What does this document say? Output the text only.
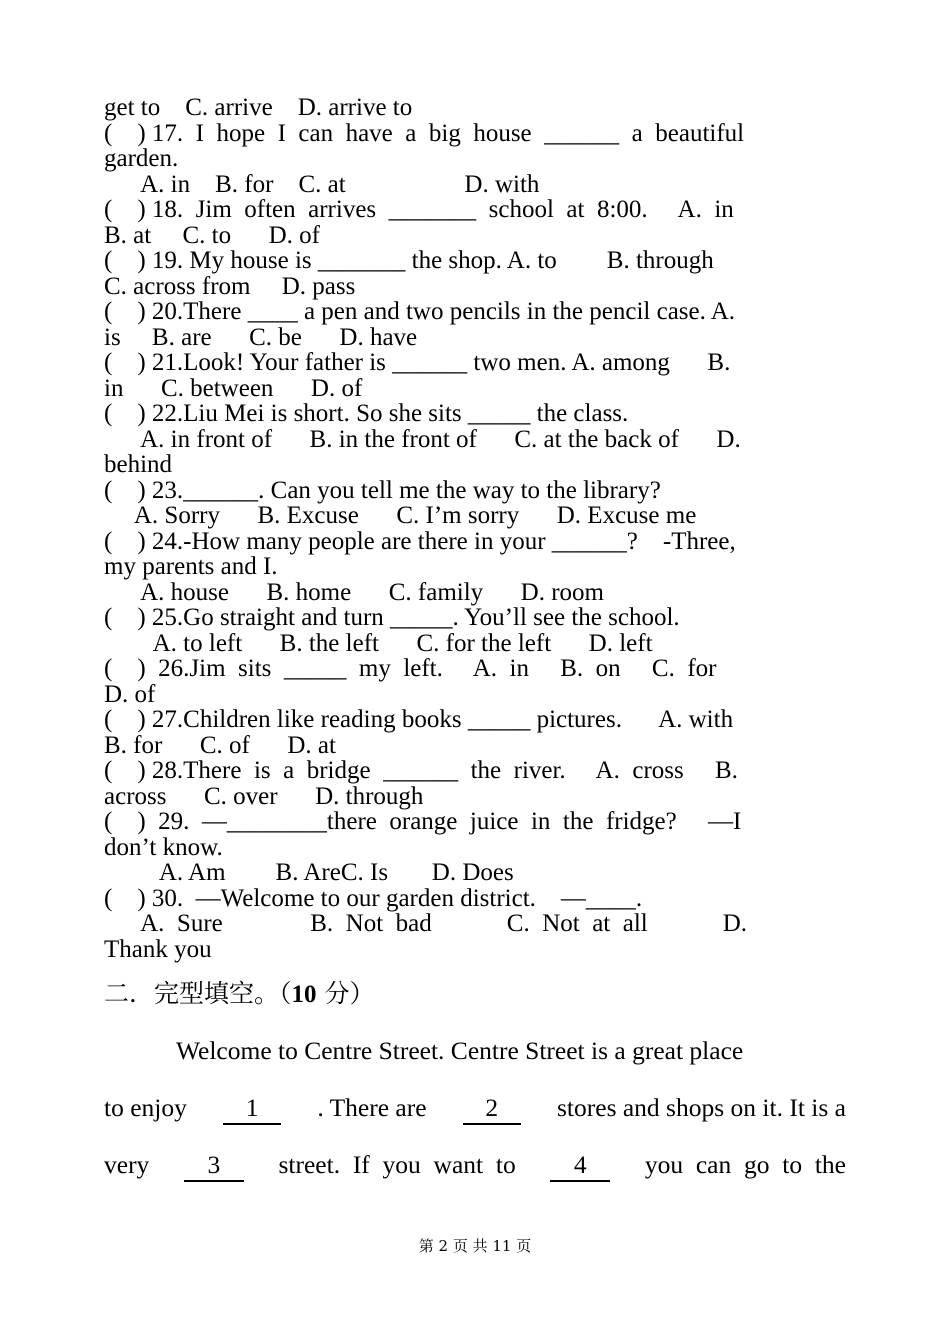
get to    C. arrive    D. arrive to
(    ) 17.  I  hope  I  can  have  a  big  house  ______  a  beautiful
garden.
A. in    B. for    C. at                   D. with
(    ) 18.  Jim  often  arrives  _______  school  at  8:00.     A.  in
B. at     C. to      D. of
(    ) 19. My house is _______ the shop. A. to        B. through
C. across from     D. pass
(    ) 20.There ____ a pen and two pencils in the pencil case. A.
is     B. are      C. be      D. have
(    ) 21.Look! Your father is ______ two men. A. among      B.
in      C. between      D. of
(    ) 22.Liu Mei is short. So she sits _____ the class.
A. in front of      B. in the front of      C. at the back of      D.
behind
(    ) 23.______. Can you tell me the way to the library?
A. Sorry      B. Excuse      C. I’m sorry      D. Excuse me
(    ) 24.-How many people are there in your ______?    -Three,
my parents and I.
A. house      B. home      C. family      D. room
(    ) 25.Go straight and turn _____. You’ll see the school.
A. to left      B. the left      C. for the left      D. left
(    )  26.Jim  sits  _____  my  left.     A.  in     B.  on     C.  for
D. of
(    ) 27.Children like reading books _____ pictures.      A. with
B. for      C. of      D. at
(    ) 28.There  is  a  bridge  ______  the  river.     A.  cross     B.
across      C. over      D. through
(    )  29.  —________there  orange  juice  in  the  fridge?     —I
don’t know.
A. Am        B. AreC. Is       D. Does
(    ) 30.  —Welcome to our garden district.    —____.
A.  Sure              B.  Not  bad            C.  Not  at  all            D.
Thank you
二．完型填空。（10 分）
Welcome to Centre Street. Centre Street is a great place
to enjoy	1	. There are	2	stores and shops on it. It is a
very	3	street.  If  you  want  to	4	you  can  go  to  the
第 2 页 共 11 页
